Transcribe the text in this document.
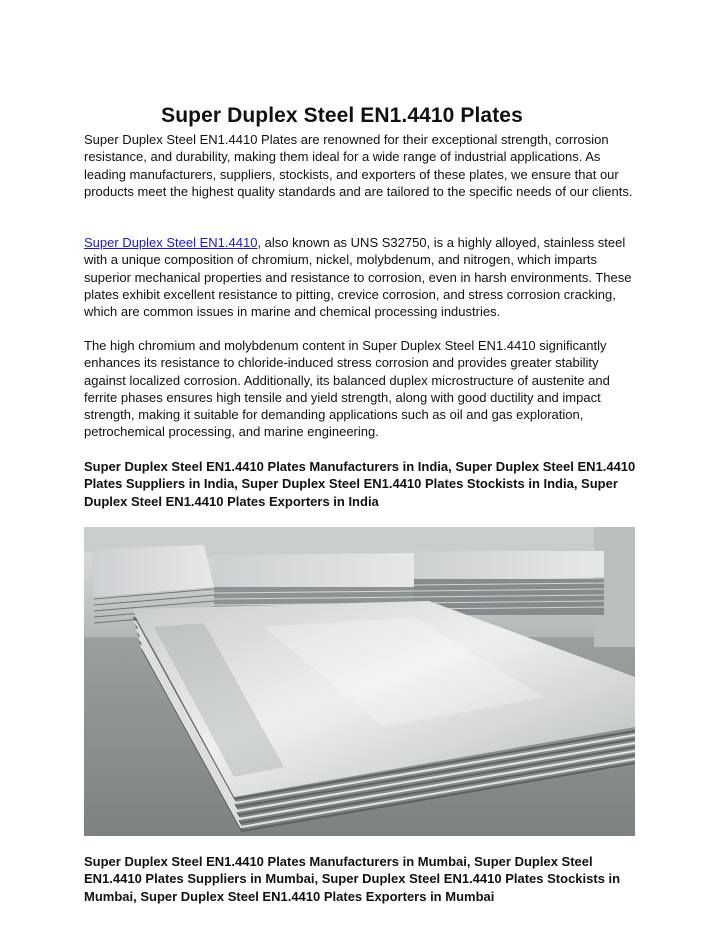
Super Duplex Steel EN1.4410 Plates

Super Duplex Steel EN1.4410 Plates are renowned for their exceptional strength, corrosion resistance, and durability, making them ideal for a wide range of industrial applications. As leading manufacturers, suppliers, stockists, and exporters of these plates, we ensure that our products meet the highest quality standards and are tailored to the specific needs of our clients.

Super Duplex Steel EN1.4410, also known as UNS S32750, is a highly alloyed, stainless steel with a unique composition of chromium, nickel, molybdenum, and nitrogen, which imparts superior mechanical properties and resistance to corrosion, even in harsh environments. These plates exhibit excellent resistance to pitting, crevice corrosion, and stress corrosion cracking, which are common issues in marine and chemical processing industries.

The high chromium and molybdenum content in Super Duplex Steel EN1.4410 significantly enhances its resistance to chloride-induced stress corrosion and provides greater stability against localized corrosion. Additionally, its balanced duplex microstructure of austenite and ferrite phases ensures high tensile and yield strength, along with good ductility and impact strength, making it suitable for demanding applications such as oil and gas exploration, petrochemical processing, and marine engineering.

Super Duplex Steel EN1.4410 Plates Manufacturers in India, Super Duplex Steel EN1.4410 Plates Suppliers in India, Super Duplex Steel EN1.4410 Plates Stockists in India, Super Duplex Steel EN1.4410 Plates Exporters in India

Super Duplex Steel EN1.4410 Plates Manufacturers in Mumbai, Super Duplex Steel EN1.4410 Plates Suppliers in Mumbai, Super Duplex Steel EN1.4410 Plates Stockists in Mumbai, Super Duplex Steel EN1.4410 Plates Exporters in Mumbai
